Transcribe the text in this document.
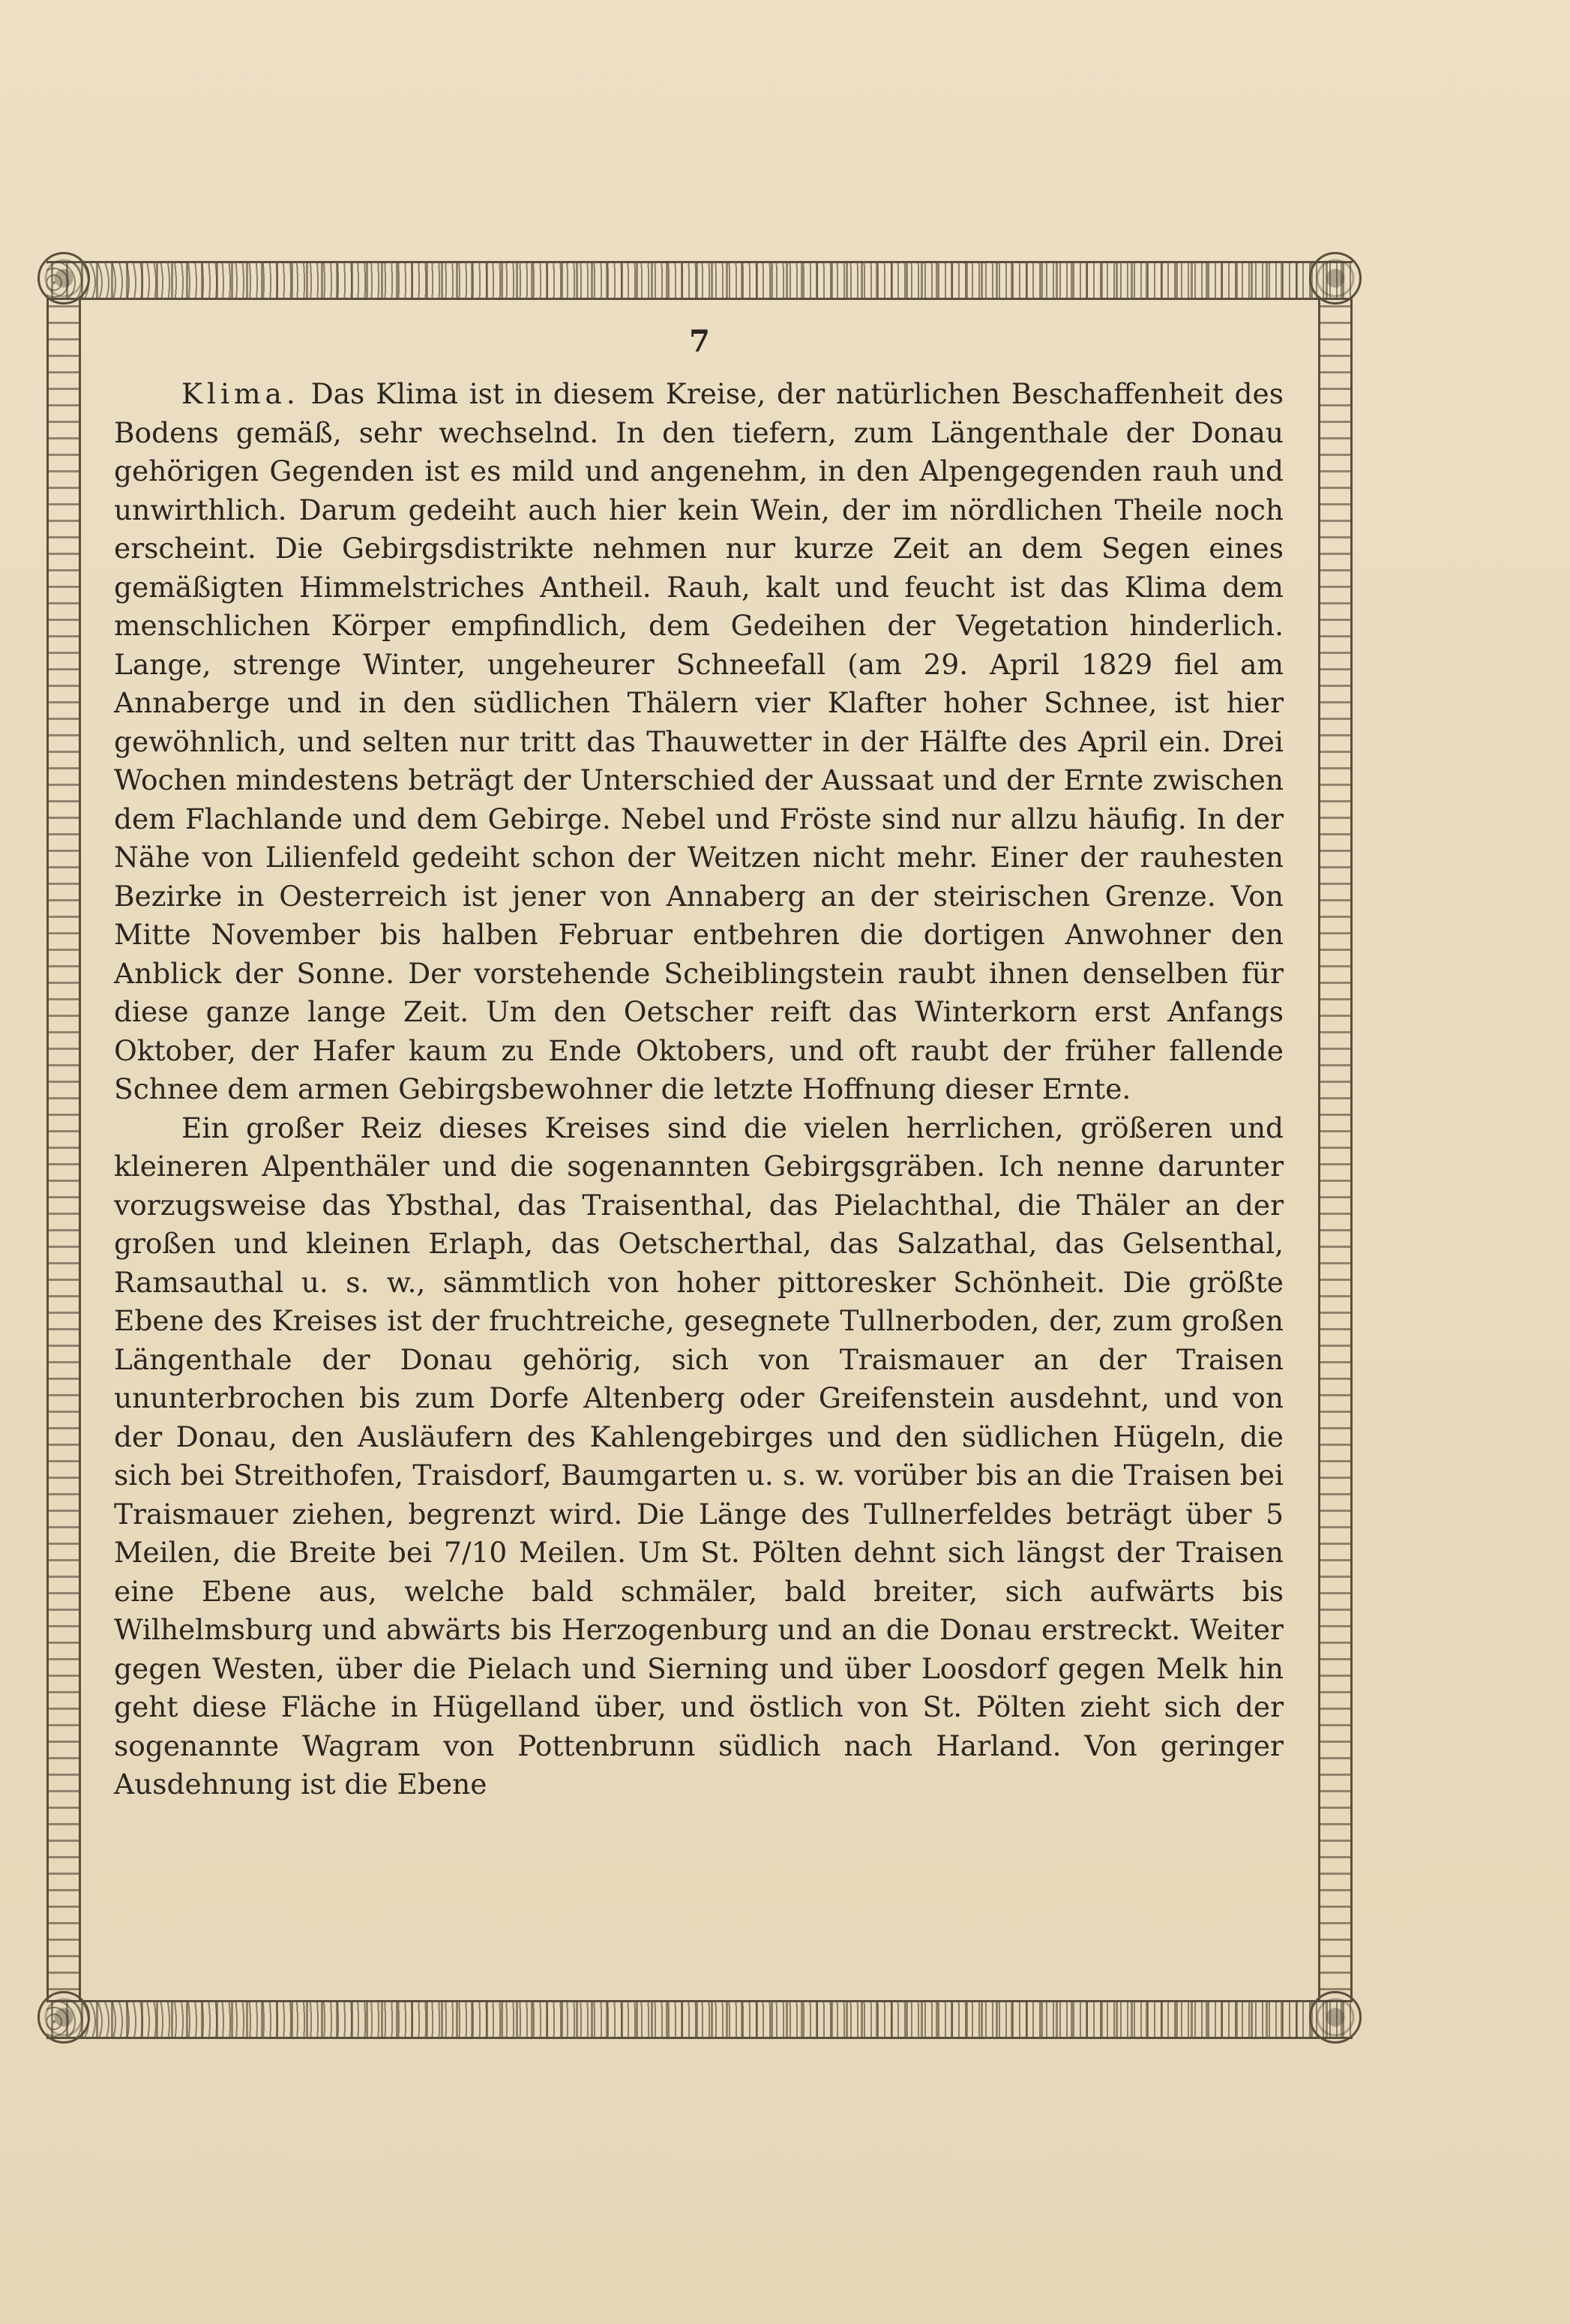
7

Klima. Das Klima ist in diesem Kreise, der natürlichen Beschaffenheit des Bodens gemäß, sehr wechselnd. In den tiefern, zum Längenthale der Donau gehörigen Gegenden ist es mild und angenehm, in den Alpengegenden rauh und unwirthlich. Darum gedeiht auch hier kein Wein, der im nördlichen Theile noch erscheint. Die Gebirgsdistrikte nehmen nur kurze Zeit an dem Segen eines gemäßigten Himmelstriches Antheil. Rauh, kalt und feucht ist das Klima dem menschlichen Körper empfindlich, dem Gedeihen der Vegetation hinderlich. Lange, strenge Winter, ungeheurer Schneefall (am 29. April 1829 fiel am Annaberge und in den südlichen Thälern vier Klafter hoher Schnee, ist hier gewöhnlich, und selten nur tritt das Thauwetter in der Hälfte des April ein. Drei Wochen mindestens beträgt der Unterschied der Aussaat und der Ernte zwischen dem Flachlande und dem Gebirge. Nebel und Fröste sind nur allzu häufig. In der Nähe von Lilienfeld gedeiht schon der Weitzen nicht mehr. Einer der rauhesten Bezirke in Oesterreich ist jener von Annaberg an der steirischen Grenze. Von Mitte November bis halben Februar entbehren die dortigen Anwohner den Anblick der Sonne. Der vorstehende Scheiblingstein raubt ihnen denselben für diese ganze lange Zeit. Um den Oetscher reift das Winterkorn erst Anfangs Oktober, der Hafer kaum zu Ende Oktobers, und oft raubt der früher fallende Schnee dem armen Gebirgsbewohner die letzte Hoffnung dieser Ernte.

Ein großer Reiz dieses Kreises sind die vielen herrlichen, größeren und kleineren Alpenthäler und die sogenannten Gebirgsgräben. Ich nenne darunter vorzugsweise das Ybsthal, das Traisenthal, das Pielachthal, die Thäler an der großen und kleinen Erlaph, das Oetscherthal, das Salzathal, das Gelsenthal, Ramsauthal u. s. w., sämmtlich von hoher pittoresker Schönheit. Die größte Ebene des Kreises ist der fruchtreiche, gesegnete Tullnerboden, der, zum großen Längenthale der Donau gehörig, sich von Traismauer an der Traisen ununterbrochen bis zum Dorfe Altenberg oder Greifenstein ausdehnt, und von der Donau, den Ausläufern des Kahlengebirges und den südlichen Hügeln, die sich bei Streithofen, Traisdorf, Baumgarten u. s. w. vorüber bis an die Traisen bei Traismauer ziehen, begrenzt wird. Die Länge des Tullnerfeldes beträgt über 5 Meilen, die Breite bei 7/10 Meilen. Um St. Pölten dehnt sich längst der Traisen eine Ebene aus, welche bald schmäler, bald breiter, sich aufwärts bis Wilhelmsburg und abwärts bis Herzogenburg und an die Donau erstreckt. Weiter gegen Westen, über die Pielach und Sierning und über Loosdorf gegen Melk hin geht diese Fläche in Hügelland über, und östlich von St. Pölten zieht sich der sogenannte Wagram von Pottenbrunn südlich nach Harland. Von geringer Ausdehnung ist die Ebene
